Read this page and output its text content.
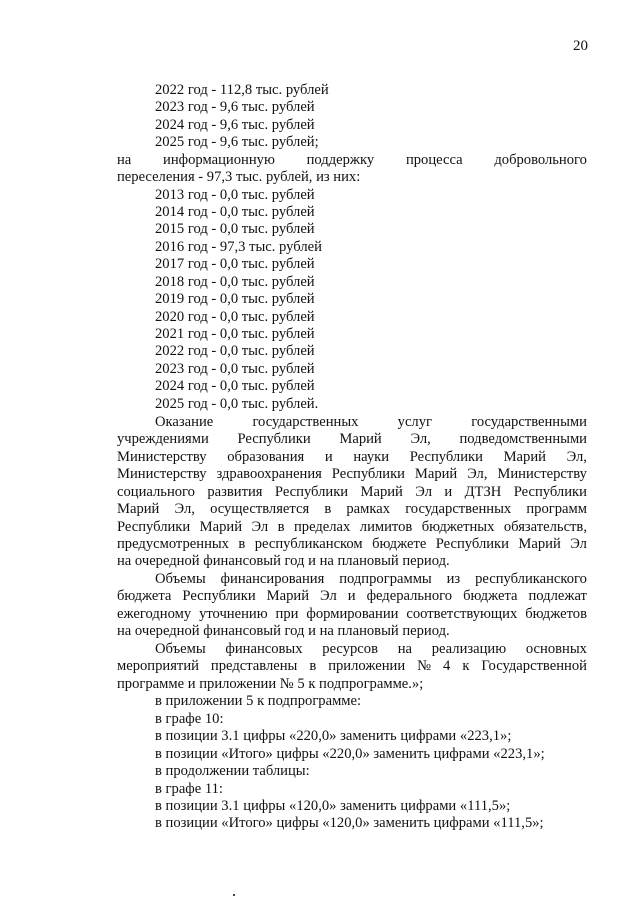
20
2022 год - 112,8 тыс. рублей
2023 год - 9,6 тыс. рублей
2024 год - 9,6 тыс. рублей
2025 год - 9,6 тыс. рублей;
на информационную поддержку процесса добровольного
переселения - 97,3 тыс. рублей, из них:
2013 год - 0,0 тыс. рублей
2014 год - 0,0 тыс. рублей
2015 год - 0,0 тыс. рублей
2016 год - 97,3 тыс. рублей
2017 год - 0,0 тыс. рублей
2018 год - 0,0 тыс. рублей
2019 год - 0,0 тыс. рублей
2020 год - 0,0 тыс. рублей
2021 год - 0,0 тыс. рублей
2022 год - 0,0 тыс. рублей
2023 год - 0,0 тыс. рублей
2024 год - 0,0 тыс. рублей
2025 год - 0,0 тыс. рублей.
Оказание	государственных	услуг	государственными
учреждениями Республики Марий Эл, подведомственными
Министерству образования и науки Республики Марий Эл,
Министерству здравоохранения Республики Марий Эл, Министерству
социального развития Республики Марий Эл и ДТЗН Республики
Марий Эл, осуществляется в рамках государственных программ
Республики Марий Эл в пределах лимитов бюджетных обязательств,
предусмотренных в республиканском бюджете Республики Марий Эл
на очередной финансовый год и на плановый период.
Объемы финансирования подпрограммы из республиканского
бюджета Республики Марий Эл и федерального бюджета подлежат
ежегодному уточнению при формировании соответствующих бюджетов
на очередной финансовый год и на плановый период.
Объемы финансовых ресурсов на реализацию основных
мероприятий представлены в приложении № 4 к Государственной
программе и приложении № 5 к подпрограмме.»;
в приложении 5 к подпрограмме:
в графе 10:
в позиции 3.1 цифры «220,0» заменить цифрами «223,1»;
в позиции «Итого» цифры «220,0» заменить цифрами «223,1»;
в продолжении таблицы:
в графе 11:
в позиции 3.1 цифры «120,0» заменить цифрами «111,5»;
в позиции «Итого» цифры «120,0» заменить цифрами «111,5»;
